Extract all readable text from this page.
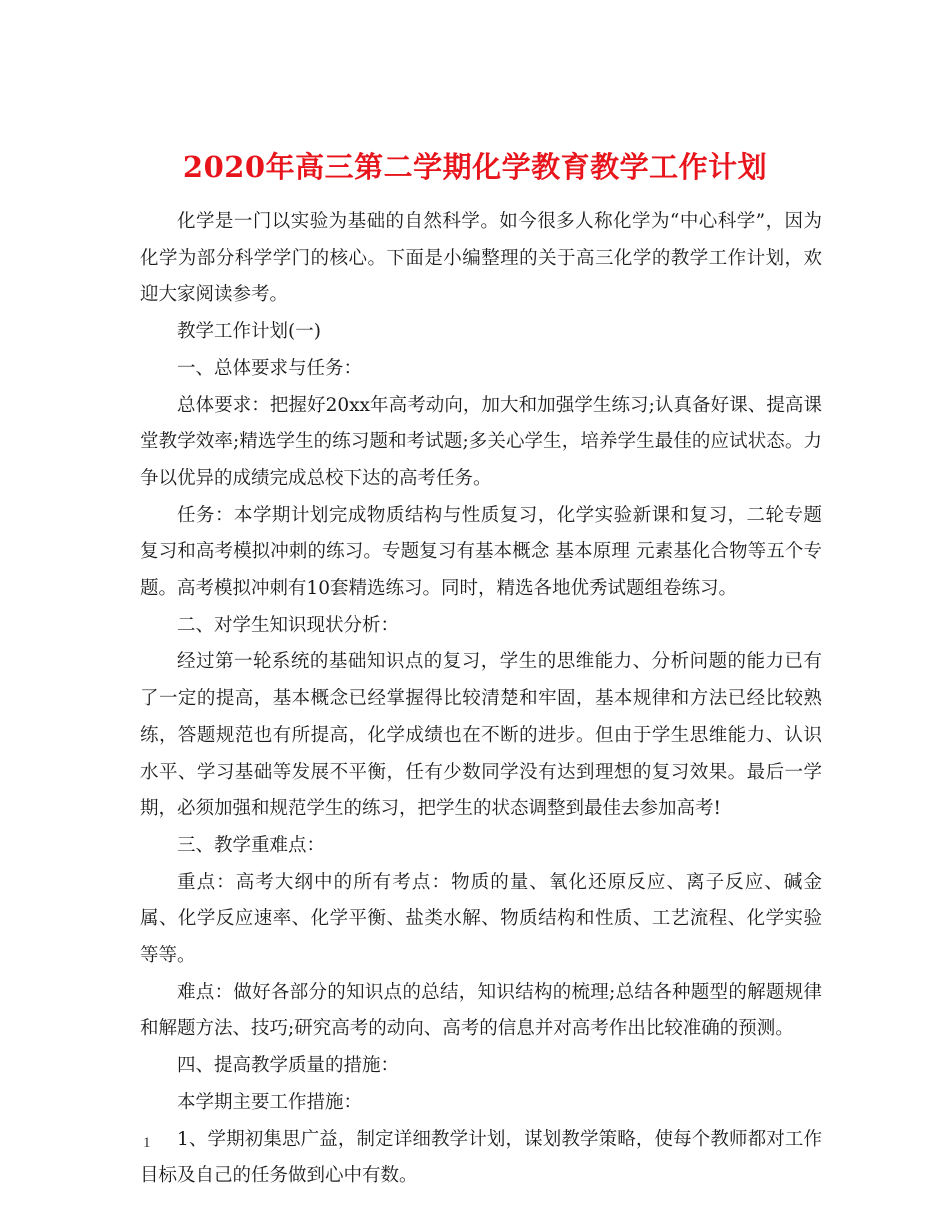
2020年高三第二学期化学教育教学工作计划

化学是一门以实验为基础的自然科学。如今很多人称化学为“中心科学”，因为化学为部分科学学门的核心。下面是小编整理的关于高三化学的教学工作计划，欢迎大家阅读参考。

教学工作计划(一)

一、总体要求与任务：

总体要求：把握好20xx年高考动向，加大和加强学生练习;认真备好课、提高课堂教学效率;精选学生的练习题和考试题;多关心学生，培养学生最佳的应试状态。力争以优异的成绩完成总校下达的高考任务。

任务：本学期计划完成物质结构与性质复习，化学实验新课和复习，二轮专题复习和高考模拟冲刺的练习。专题复习有基本概念 基本原理 元素基化合物等五个专题。高考模拟冲刺有10套精选练习。同时，精选各地优秀试题组卷练习。

二、对学生知识现状分析：

经过第一轮系统的基础知识点的复习，学生的思维能力、分析问题的能力已有了一定的提高，基本概念已经掌握得比较清楚和牢固，基本规律和方法已经比较熟练，答题规范也有所提高，化学成绩也在不断的进步。但由于学生思维能力、认识水平、学习基础等发展不平衡，任有少数同学没有达到理想的复习效果。最后一学期，必须加强和规范学生的练习，把学生的状态调整到最佳去参加高考!

三、教学重难点：

重点：高考大纲中的所有考点：物质的量、氧化还原反应、离子反应、碱金属、化学反应速率、化学平衡、盐类水解、物质结构和性质、工艺流程、化学实验等等。

难点：做好各部分的知识点的总结，知识结构的梳理;总结各种题型的解题规律和解题方法、技巧;研究高考的动向、高考的信息并对高考作出比较准确的预测。

四、提高教学质量的措施：

本学期主要工作措施：

1、学期初集思广益，制定详细教学计划，谋划教学策略，使每个教师都对工作目标及自己的任务做到心中有数。

1
